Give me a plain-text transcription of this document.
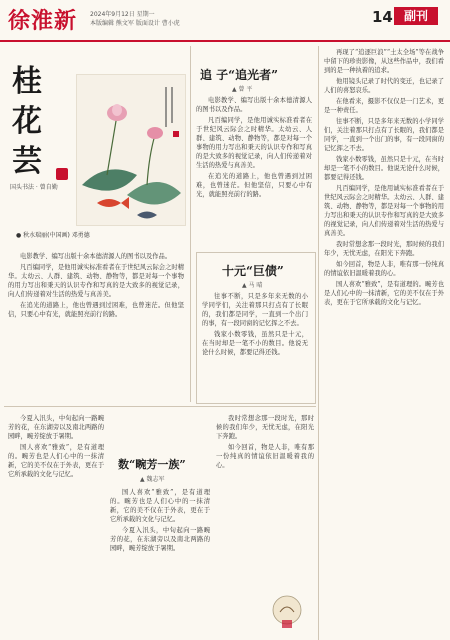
徐淮新 2024年9月12日 星期一
本版编辑 熊文军 版面设计 曹小虎	14 副刊
桂 花 芸
国头书法 · 曾自勤
● 秋水瑞丽(中国画) 邓勇德
追 子“追光者”
▲ 曾 平

电影教学、编写出版十余本德清源人的图书以及作品。

凡百编同学，是他用诚实标准看者在于世纪风云际会之时精华。太幼云、人群、建筑、动物、静物等，都是对每一个事物的用力写出和秉天的认识专作和写真的是大致多的视觉记录，向人们传递着对生活的热爱与真善美。

在追光的道路上，他也曾遇到过困难，也曾迷茫。但他坚信，只要心中有光，就能照亮前行的路。

十元“巨债”
▲ 马 晴

往事不断，只是多年来无数的小学同学们，关注着那只打点有了长眠的，我们都是同学，一直到一个出门的事，有一段同窗的记忆挥之不去。

钱家小数零钱，虽然只是十元，在当时却是一笔不小的数目。他说无论什么时候，都要记得还钱。

电影教学、编写出版十余本德清源人的图书以及作品。

凡百编同学，是他用诚实标准看者在于世纪风云际会之时精华。太幼云、人群、建筑、动物、静物等，都是对每一个事物的用力写出和秉天的认识专作和写真的是大致多的视觉记录，向人们传递着对生活的热爱与真善美。

在追光的道路上，他也曾遇到过困难，也曾迷茫。但他坚信，只要心中有光，就能照亮前行的路。

今夏入汛头，中旬起向一路畹芳的花，在东湖旁以及南北两路的园畔，畹芳绽放于暑期。

国人喜欢“雅致”，是有道理的。畹芳也是人们心中的一抹清新，它的美不仅在于外表，更在于它所承载的文化与记忆。

数“畹芳一族”
▲ 魏志军

国人喜欢“雅致”，是有道理的。畹芳也是人们心中的一抹清新，它的美不仅在于外表，更在于它所承载的文化与记忆。

今夏入汛头，中旬起向一路畹芳的花，在东湖旁以及南北两路的园畔，畹芳绽放于暑期。

我时常想念那一段时光，那时候的我们年少，无忧无虑，在阳光下奔跑。

如今回首，物是人非，唯有那一份纯真的情谊依旧温暖着我的心。

再现了“追逐巨浪”“土太全场”等在战争中留下的珍贵影像，从这些作品中，我们看到的是一种执着的追求。

他用镜头记录了时代的变迁，也记录了人们的喜怒哀乐。

在他看来，摄影不仅仅是一门艺术，更是一种责任。

往事不断，只是多年来无数的小学同学们，关注着那只打点有了长眠的，我们都是同学，一直到一个出门的事，有一段同窗的记忆挥之不去。

钱家小数零钱，虽然只是十元，在当时却是一笔不小的数目。他说无论什么时候，都要记得还钱。

凡百编同学，是他用诚实标准看者在于世纪风云际会之时精华。太幼云、人群、建筑、动物、静物等，都是对每一个事物的用力写出和秉天的认识专作和写真的是大致多的视觉记录，向人们传递着对生活的热爱与真善美。

我时常想念那一段时光，那时候的我们年少，无忧无虑，在阳光下奔跑。

如今回首，物是人非，唯有那一份纯真的情谊依旧温暖着我的心。

国人喜欢“雅致”，是有道理的。畹芳也是人们心中的一抹清新，它的美不仅在于外表，更在于它所承载的文化与记忆。
